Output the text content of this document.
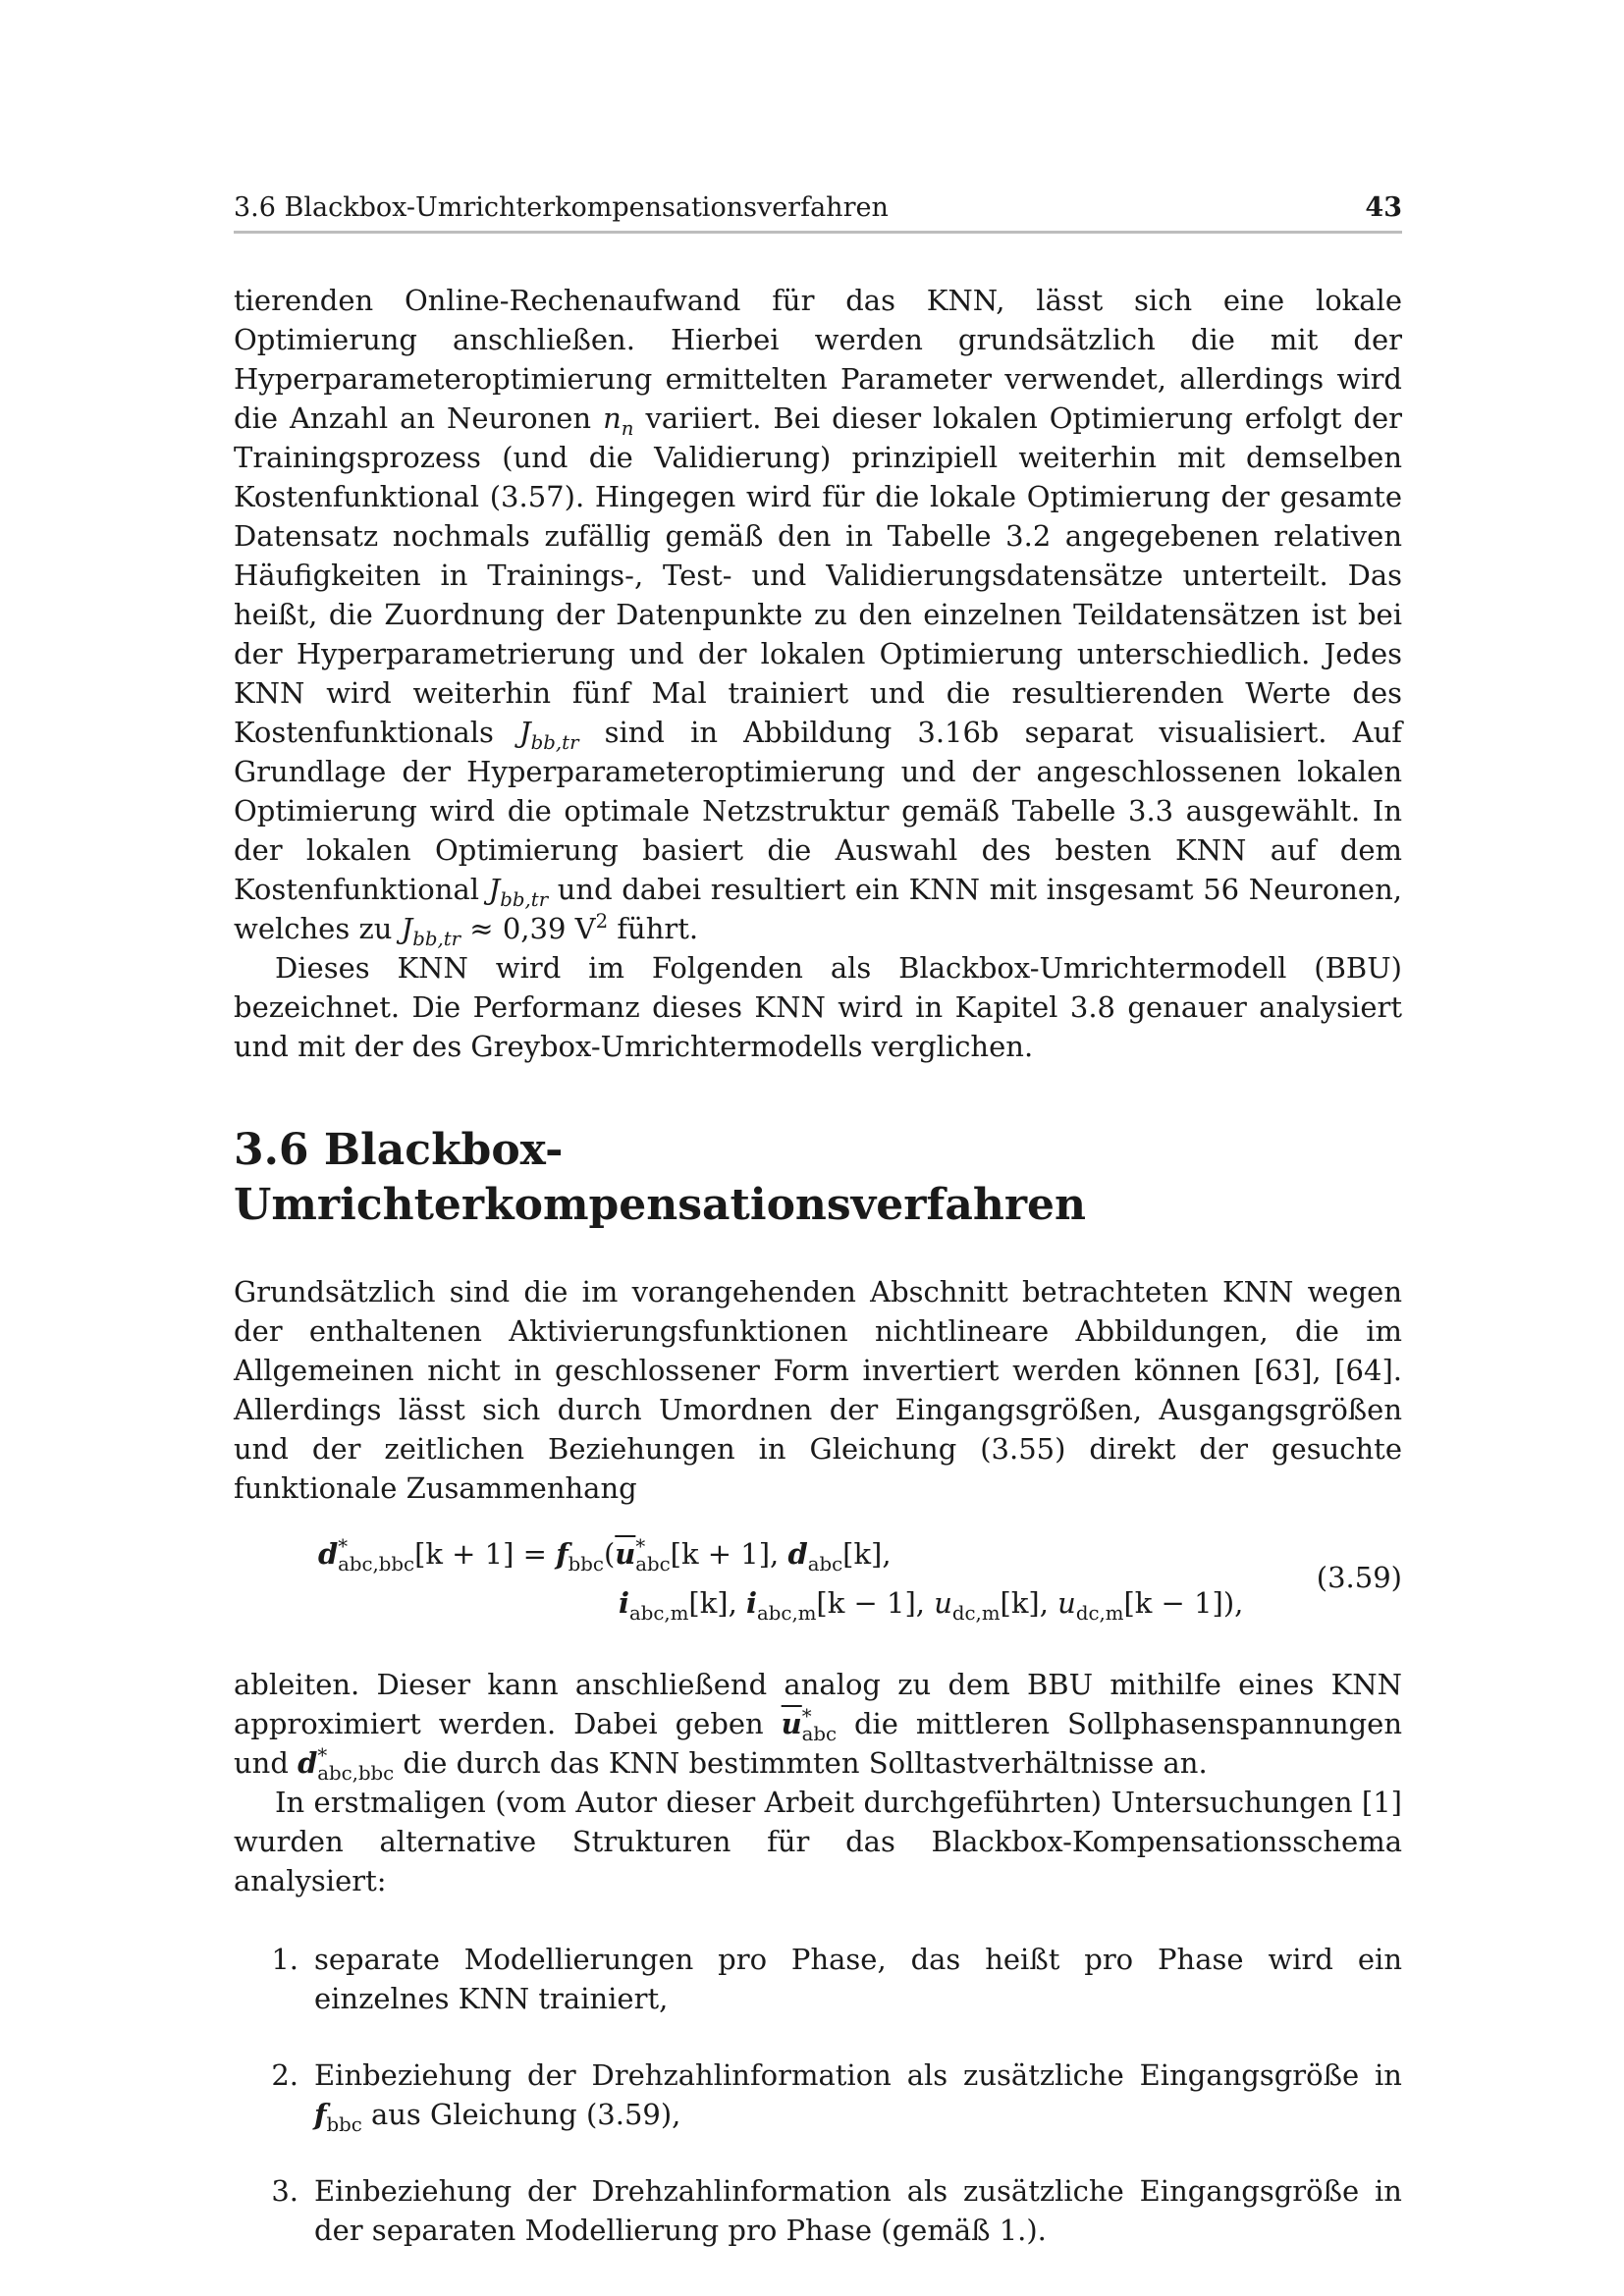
3.6 Blackbox-Umrichterkompensationsverfahren	43

tierenden Online-Rechenaufwand für das KNN, lässt sich eine lokale Optimierung anschließen. Hierbei werden grundsätzlich die mit der Hyperparameteroptimierung ermittelten Parameter verwendet, allerdings wird die Anzahl an Neuronen $n_n$ variiert. Bei dieser lokalen Optimierung erfolgt der Trainingsprozess (und die Validierung) prinzipiell weiterhin mit demselben Kostenfunktional (3.57). Hingegen wird für die lokale Optimierung der gesamte Datensatz nochmals zufällig gemäß den in Tabelle 3.2 angegebenen relativen Häufigkeiten in Trainings-, Test- und Validierungsdatensätze unterteilt. Das heißt, die Zuordnung der Datenpunkte zu den einzelnen Teildatensätzen ist bei der Hyperparametrierung und der lokalen Optimierung unterschiedlich. Jedes KNN wird weiterhin fünf Mal trainiert und die resultierenden Werte des Kostenfunktionals $J_{bb,tr}$ sind in Abbildung 3.16b separat visualisiert. Auf Grundlage der Hyperparameteroptimierung und der angeschlossenen lokalen Optimierung wird die optimale Netzstruktur gemäß Tabelle 3.3 ausgewählt. In der lokalen Optimierung basiert die Auswahl des besten KNN auf dem Kostenfunktional $J_{bb,tr}$ und dabei resultiert ein KNN mit insgesamt 56 Neuronen, welches zu $J_{bb,tr} \approx 0,39$ $V^2$ führt.

Dieses KNN wird im Folgenden als Blackbox-Umrichtermodell (BBU) bezeichnet. Die Performanz dieses KNN wird in Kapitel 3.8 genauer analysiert und mit der des Greybox-Umrichtermodells verglichen.

3.6 Blackbox-Umrichterkompensationsverfahren

Grundsätzlich sind die im vorangehenden Abschnitt betrachteten KNN wegen der enthaltenen Aktivierungsfunktionen nichtlineare Abbildungen, die im Allgemeinen nicht in geschlossener Form invertiert werden können [63], [64]. Allerdings lässt sich durch Umordnen der Eingangsgrößen, Ausgangsgrößen und der zeitlichen Beziehungen in Gleichung (3.55) direkt der gesuchte funktionale Zusammenhang

$d^*_{abc,bbc}[k + 1] = f_{bbc}(\overline{u}^*_{abc}[k + 1]$, $d_{abc}[k]$,
$i_{abc,m}[k]$, $i_{abc,m}[k - 1]$, $u_{dc,m}[k]$, $u_{dc,m}[k - 1]$),
(3.59)

ableiten. Dieser kann anschließend analog zu dem BBU mithilfe eines KNN approximiert werden. Dabei geben $\overline{u}^*_{abc}$ die mittleren Sollphasenspannungen und $d^*_{abc,bbc}$ die durch das KNN bestimmten Solltastverhältnisse an.

In erstmaligen (vom Autor dieser Arbeit durchgeführten) Untersuchungen [1] wurden alternative Strukturen für das Blackbox-Kompensationsschema analysiert:

1. separate Modellierungen pro Phase, das heißt pro Phase wird ein einzelnes KNN trainiert,
2. Einbeziehung der Drehzahlinformation als zusätzliche Eingangsgröße in $f_{bbc}$ aus Gleichung (3.59),
3. Einbeziehung der Drehzahlinformation als zusätzliche Eingangsgröße in der separaten Modellierung pro Phase (gemäß 1.).
